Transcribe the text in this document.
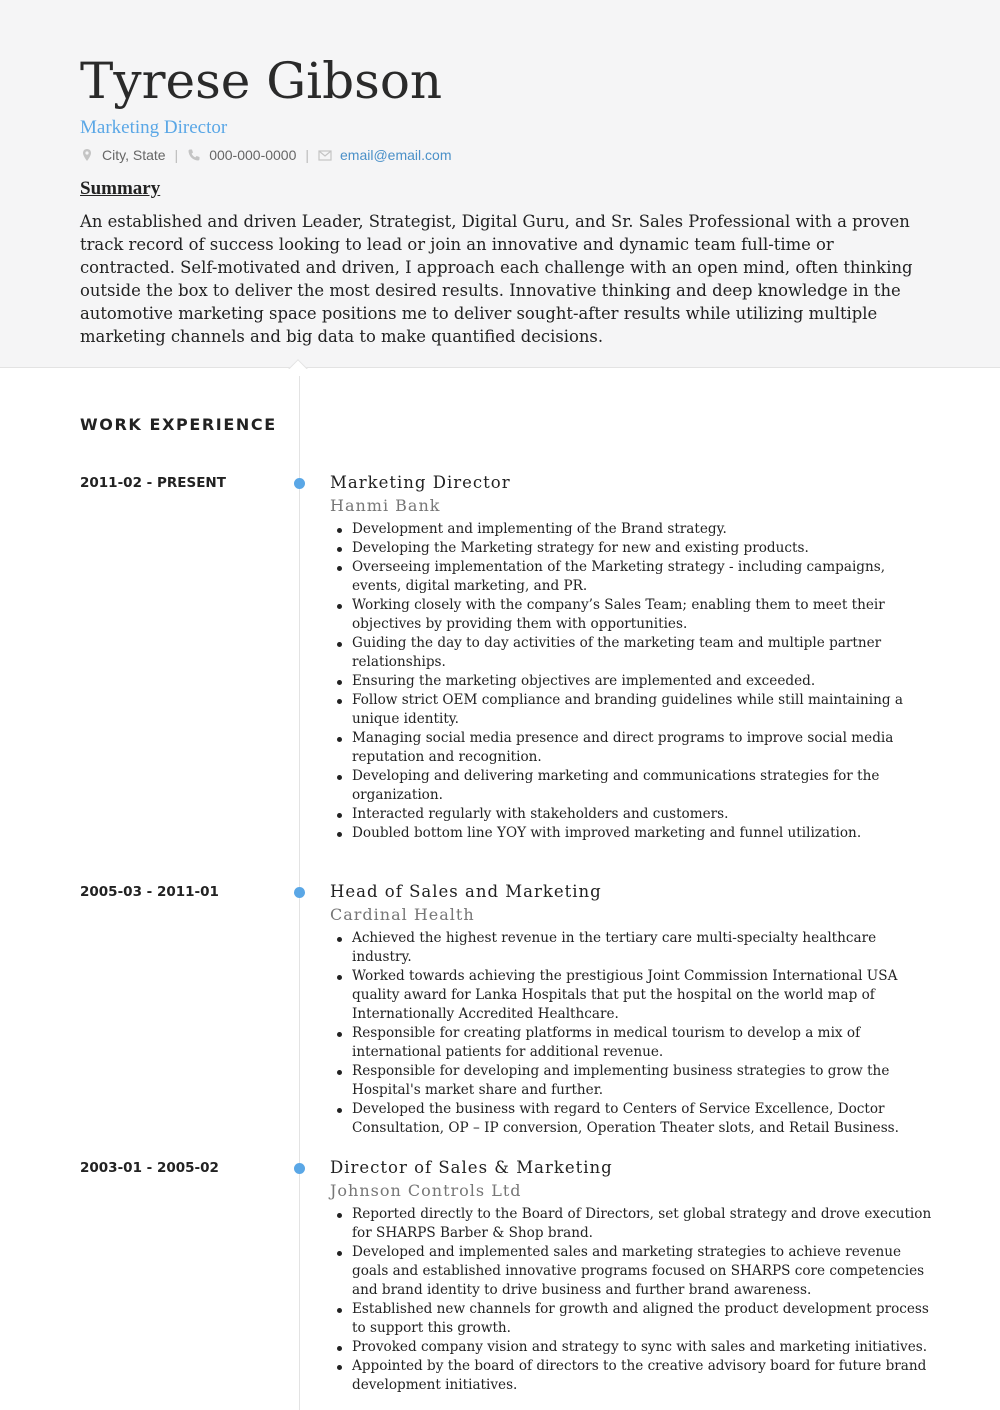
Tyrese Gibson
Marketing Director
City, State | 000-000-0000 | email@email.com
Summary

An established and driven Leader, Strategist, Digital Guru, and Sr. Sales Professional with a proven track record of success looking to lead or join an innovative and dynamic team full-time or contracted. Self-motivated and driven, I approach each challenge with an open mind, often thinking outside the box to deliver the most desired results. Innovative thinking and deep knowledge in the automotive marketing space positions me to deliver sought-after results while utilizing multiple marketing channels and big data to make quantified decisions.

WORK EXPERIENCE
2011-02 - PRESENT	Marketing Director
Hanmi Bank
Development and implementing of the Brand strategy.
Developing the Marketing strategy for new and existing products.
Overseeing implementation of the Marketing strategy - including campaigns, events, digital marketing, and PR.
Working closely with the company’s Sales Team; enabling them to meet their objectives by providing them with opportunities.
Guiding the day to day activities of the marketing team and multiple partner relationships.
Ensuring the marketing objectives are implemented and exceeded.
Follow strict OEM compliance and branding guidelines while still maintaining a unique identity.
Managing social media presence and direct programs to improve social media reputation and recognition.
Developing and delivering marketing and communications strategies for the organization.
Interacted regularly with stakeholders and customers.
Doubled bottom line YOY with improved marketing and funnel utilization.
2005-03 - 2011-01	Head of Sales and Marketing
Cardinal Health
Achieved the highest revenue in the tertiary care multi-specialty healthcare industry.
Worked towards achieving the prestigious Joint Commission International USA quality award for Lanka Hospitals that put the hospital on the world map of Internationally Accredited Healthcare.
Responsible for creating platforms in medical tourism to develop a mix of international patients for additional revenue.
Responsible for developing and implementing business strategies to grow the Hospital's market share and further.
Developed the business with regard to Centers of Service Excellence, Doctor Consultation, OP – IP conversion, Operation Theater slots, and Retail Business.
2003-01 - 2005-02	Director of Sales & Marketing
Johnson Controls Ltd
Reported directly to the Board of Directors, set global strategy and drove execution for SHARPS Barber & Shop brand.
Developed and implemented sales and marketing strategies to achieve revenue goals and established innovative programs focused on SHARPS core competencies and brand identity to drive business and further brand awareness.
Established new channels for growth and aligned the product development process to support this growth.
Provoked company vision and strategy to sync with sales and marketing initiatives.
Appointed by the board of directors to the creative advisory board for future brand development initiatives.
